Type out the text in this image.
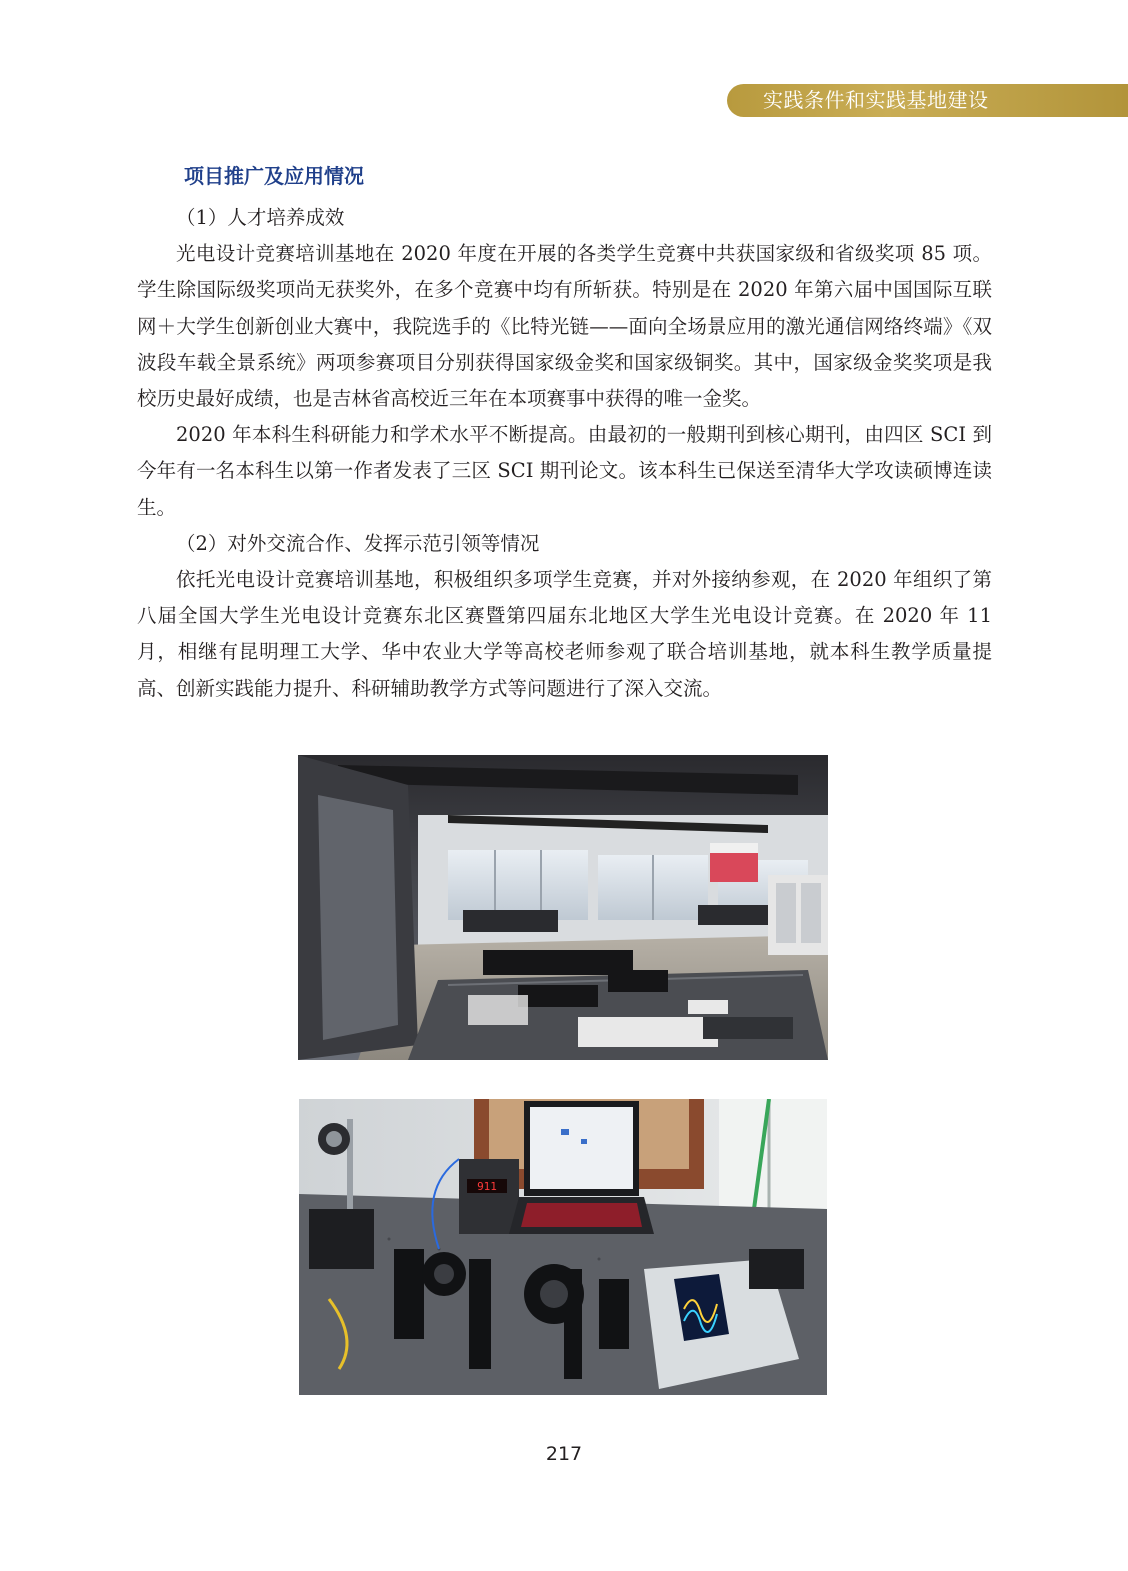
实践条件和实践基地建设
项目推广及应用情况

（1）人才培养成效

光电设计竞赛培训基地在 2020 年度在开展的各类学生竞赛中共获国家级和省级奖项 85 项。学生除国际级奖项尚无获奖外，在多个竞赛中均有所斩获。特别是在 2020 年第六届中国国际互联网＋大学生创新创业大赛中，我院选手的《比特光链——面向全场景应用的激光通信网络终端》《双波段车载全景系统》两项参赛项目分别获得国家级金奖和国家级铜奖。其中，国家级金奖奖项是我校历史最好成绩，也是吉林省高校近三年在本项赛事中获得的唯一金奖。

2020 年本科生科研能力和学术水平不断提高。由最初的一般期刊到核心期刊，由四区 SCI 到今年有一名本科生以第一作者发表了三区 SCI 期刊论文。该本科生已保送至清华大学攻读硕博连读生。

（2）对外交流合作、发挥示范引领等情况

依托光电设计竞赛培训基地，积极组织多项学生竞赛，并对外接纳参观，在 2020 年组织了第八届全国大学生光电设计竞赛东北区赛暨第四届东北地区大学生光电设计竞赛。在 2020 年 11 月，相继有昆明理工大学、华中农业大学等高校老师参观了联合培训基地，就本科生教学质量提高、创新实践能力提升、科研辅助教学方式等问题进行了深入交流。

911
217
